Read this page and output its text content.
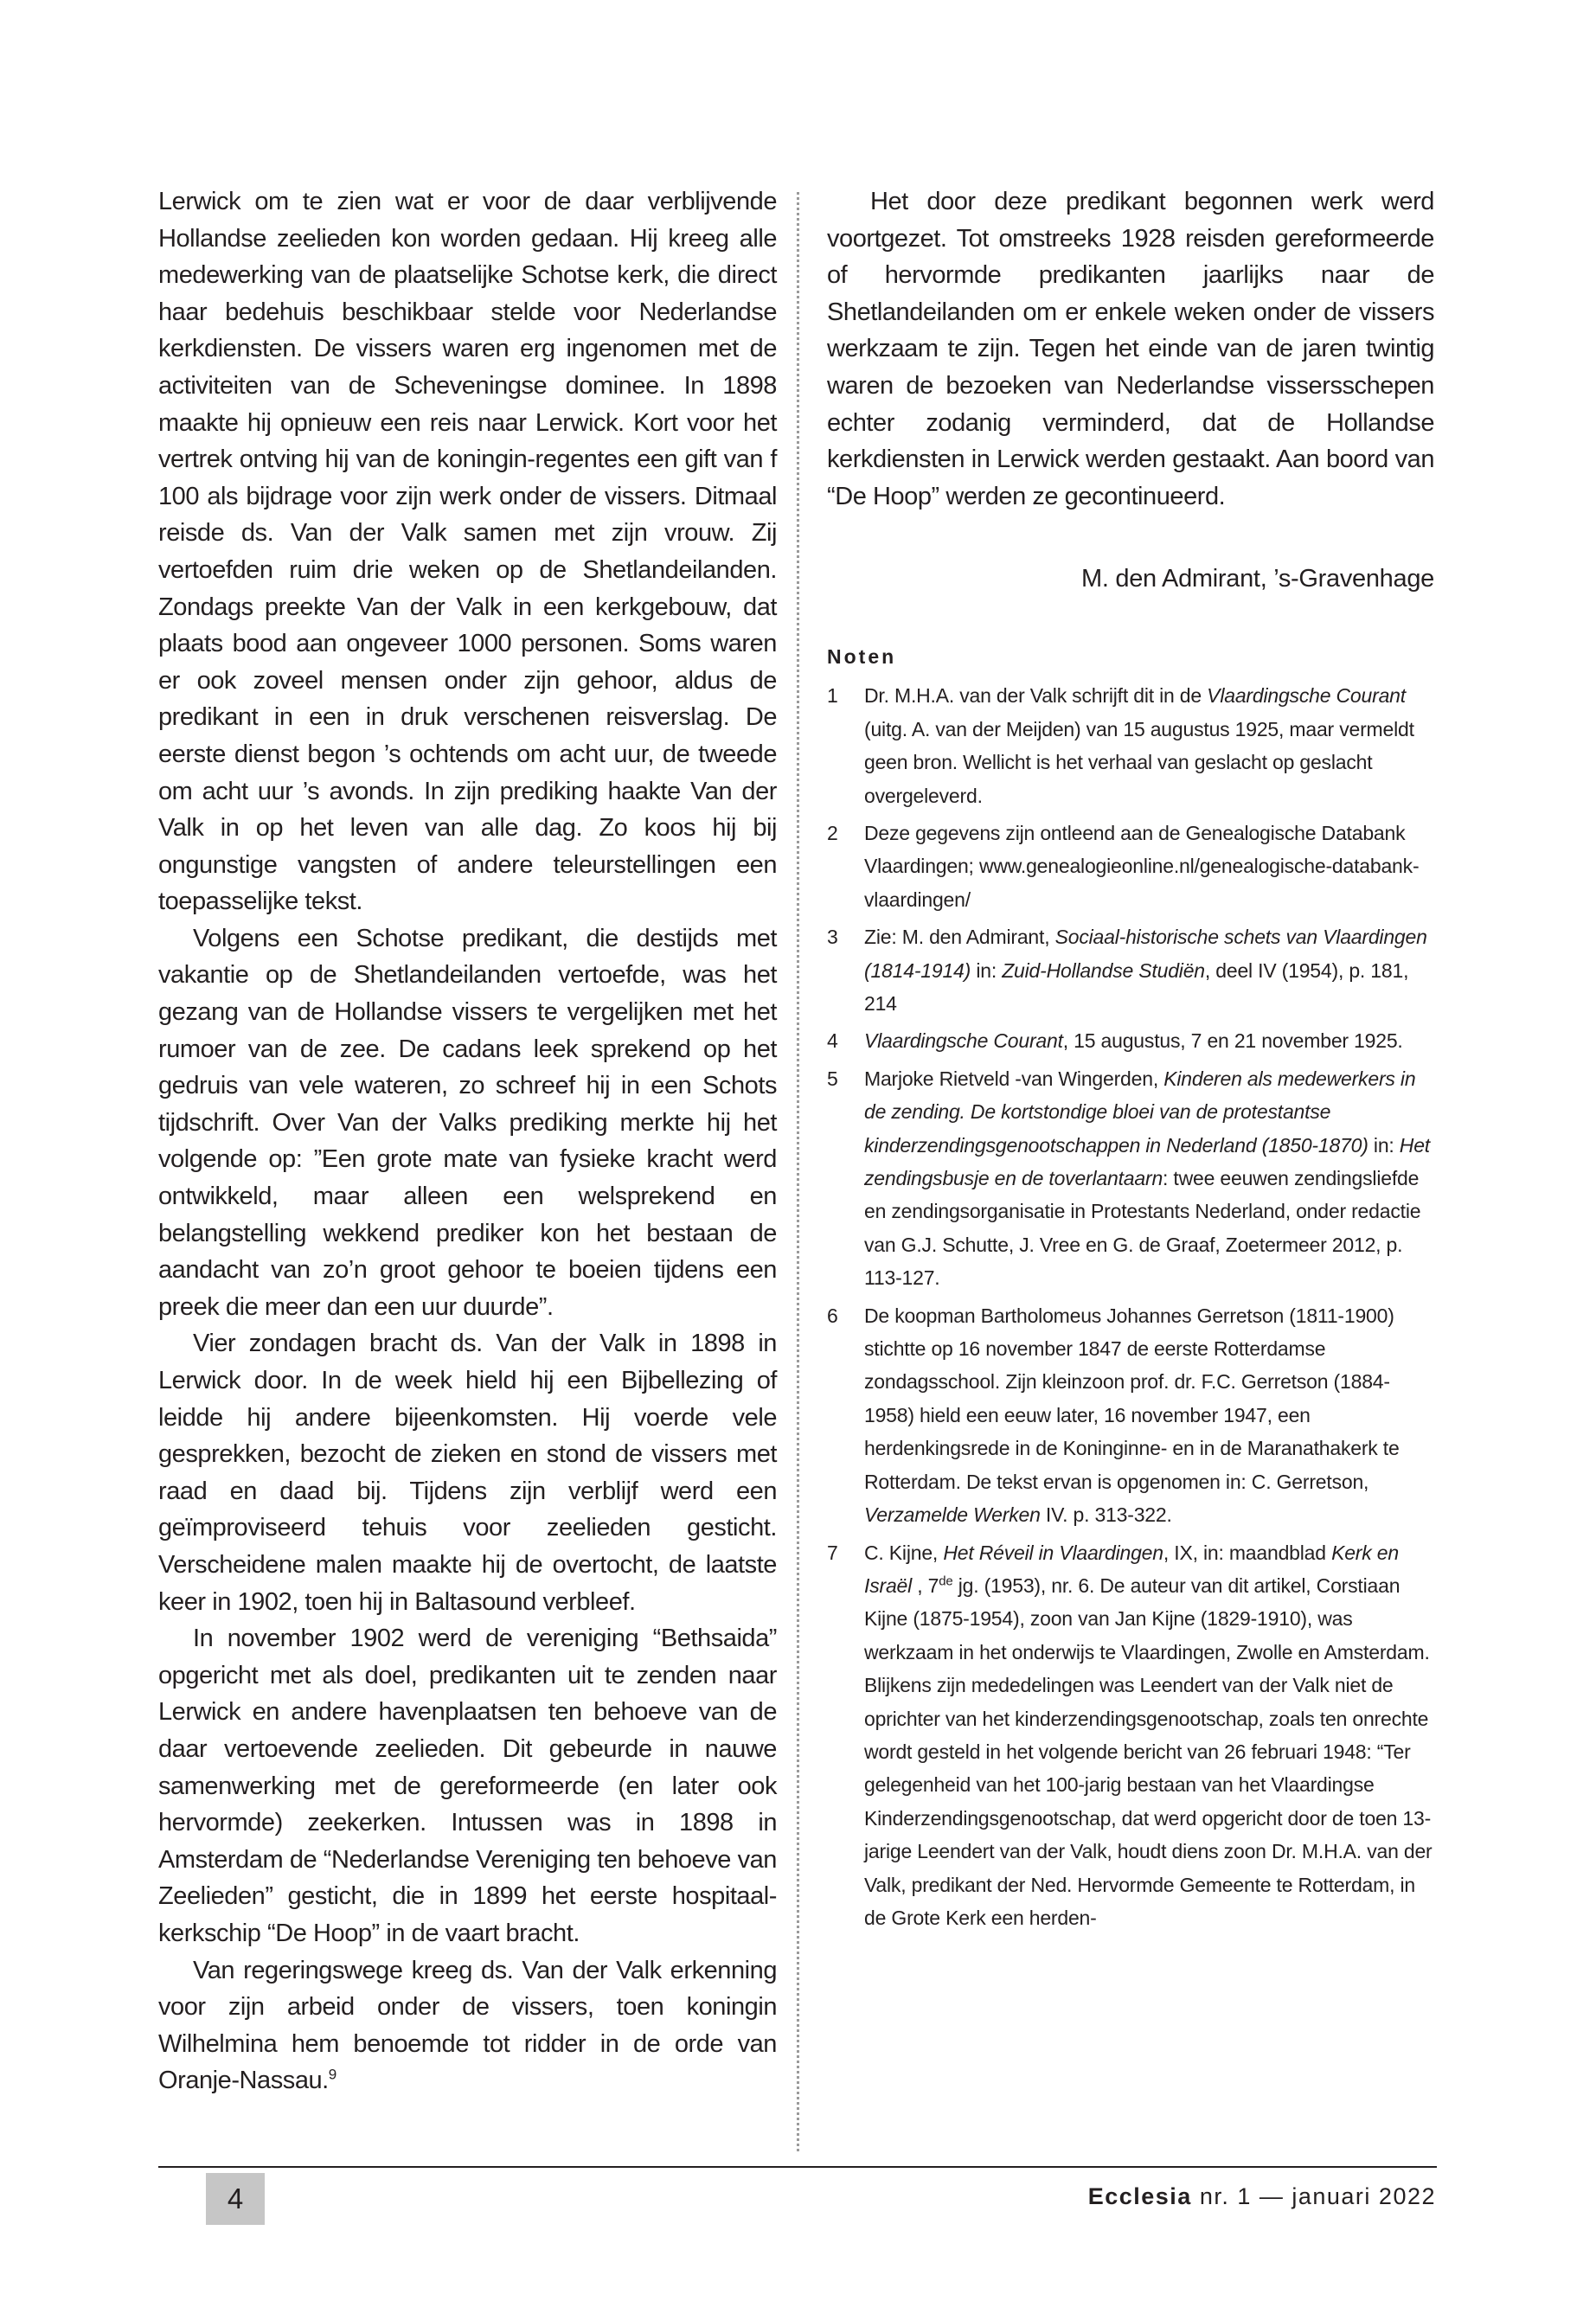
Lerwick om te zien wat er voor de daar verblijvende Hollandse zeelieden kon worden gedaan. Hij kreeg alle medewerking van de plaatselijke Schotse kerk, die direct haar bedehuis beschikbaar stelde voor Nederlandse kerkdiensten. De vissers waren erg ingenomen met de activiteiten van de Scheveningse dominee. In 1898 maakte hij opnieuw een reis naar Lerwick. Kort voor het vertrek ontving hij van de koningin-regentes een gift van f 100 als bijdrage voor zijn werk onder de vissers. Ditmaal reisde ds. Van der Valk samen met zijn vrouw. Zij vertoefden ruim drie weken op de Shetlandeilanden. Zondags preekte Van der Valk in een kerkgebouw, dat plaats bood aan ongeveer 1000 personen. Soms waren er ook zoveel mensen onder zijn gehoor, aldus de predikant in een in druk verschenen reisverslag. De eerste dienst begon ’s ochtends om acht uur, de tweede om acht uur ’s avonds. In zijn prediking haakte Van der Valk in op het leven van alle dag. Zo koos hij bij ongunstige vangsten of andere teleurstellingen een toepasselijke tekst.

Volgens een Schotse predikant, die destijds met vakantie op de Shetlandeilanden vertoefde, was het gezang van de Hollandse vissers te vergelijken met het rumoer van de zee. De cadans leek sprekend op het gedruis van vele wateren, zo schreef hij in een Schots tijdschrift. Over Van der Valks prediking merkte hij het volgende op: ”Een grote mate van fysieke kracht werd ontwikkeld, maar alleen een welsprekend en belangstelling wekkend prediker kon het bestaan de aandacht van zo’n groot gehoor te boeien tijdens een preek die meer dan een uur duurde”.

Vier zondagen bracht ds. Van der Valk in 1898 in Lerwick door. In de week hield hij een Bijbellezing of leidde hij andere bijeenkomsten. Hij voerde vele gesprekken, bezocht de zieken en stond de vissers met raad en daad bij. Tijdens zijn verblijf werd een geïmproviseerd tehuis voor zeelieden gesticht. Verscheidene malen maakte hij de overtocht, de laatste keer in 1902, toen hij in Baltasound verbleef.

In november 1902 werd de vereniging “Bethsaida” opgericht met als doel, predikanten uit te zenden naar Lerwick en andere havenplaatsen ten behoeve van de daar vertoevende zeelieden. Dit gebeurde in nauwe samenwerking met de gereformeerde (en later ook hervormde) zeekerken. Intussen was in 1898 in Amsterdam de “Nederlandse Vereniging ten behoeve van Zeelieden” gesticht, die in 1899 het eerste hospitaal-kerkschip “De Hoop” in de vaart bracht.

Van regeringswege kreeg ds. Van der Valk erkenning voor zijn arbeid onder de vissers, toen koningin Wilhelmina hem benoemde tot ridder in de orde van Oranje-Nassau.$^9$

Het door deze predikant begonnen werk werd voortgezet. Tot omstreeks 1928 reisden gereformeerde of hervormde predikanten jaarlijks naar de Shetlandeilanden om er enkele weken onder de vissers werkzaam te zijn. Tegen het einde van de jaren twintig waren de bezoeken van Nederlandse vissersschepen echter zodanig verminderd, dat de Hollandse kerkdiensten in Lerwick werden gestaakt. Aan boord van “De Hoop” werden ze gecontinueerd.

M. den Admirant, ’s-Gravenhage

Noten
1	Dr. M.H.A. van der Valk schrijft dit in de Vlaardingsche Courant (uitg. A. van der Meijden) van 15 augustus 1925, maar vermeldt geen bron. Wellicht is het verhaal van geslacht op geslacht overgeleverd.
2	Deze gegevens zijn ontleend aan de Genealogische Databank Vlaardingen; www.genealogieonline.nl/genealogische-databank-vlaardingen/
3	Zie: M. den Admirant, Sociaal-historische schets van Vlaardingen (1814-1914) in: Zuid-Hollandse Studiën, deel IV (1954), p. 181, 214
4	Vlaardingsche Courant, 15 augustus, 7 en 21 november 1925.
5	Marjoke Rietveld -van Wingerden, Kinderen als medewerkers in de zending. De kortstondige bloei van de protestantse kinderzendingsgenootschappen in Nederland (1850-1870) in: Het zendingsbusje en de toverlantaarn: twee eeuwen zendingsliefde en zendingsorganisatie in Protestants Nederland, onder redactie van G.J. Schutte, J. Vree en G. de Graaf, Zoetermeer 2012, p. 113-127.
6	De koopman Bartholomeus Johannes Gerretson (1811-1900) stichtte op 16 november 1847 de eerste Rotterdamse zondagsschool. Zijn kleinzoon prof. dr. F.C. Gerretson (1884-1958) hield een eeuw later, 16 november 1947, een herdenkingsrede in de Koninginne- en in de Maranathakerk te Rotterdam. De tekst ervan is opgenomen in: C. Gerretson, Verzamelde Werken IV. p. 313-322.
7	C. Kijne, Het Réveil in Vlaardingen, IX, in: maandblad Kerk en Israël , 7de jg. (1953), nr. 6. De auteur van dit artikel, Corstiaan Kijne (1875-1954), zoon van Jan Kijne (1829-1910), was werkzaam in het onderwijs te Vlaardingen, Zwolle en Amsterdam. Blijkens zijn mededelingen was Leendert van der Valk niet de oprichter van het kinderzendingsgenootschap, zoals ten onrechte wordt gesteld in het volgende bericht van 26 februari 1948: “Ter gelegenheid van het 100-jarig bestaan van het Vlaardingse Kinderzendingsgenootschap, dat werd opgericht door de toen 13-jarige Leendert van der Valk, houdt diens zoon Dr. M.H.A. van der Valk, predikant der Ned. Hervormde Gemeente te Rotterdam, in de Grote Kerk een herden-
4	Ecclesia nr. 1 — januari 2022
